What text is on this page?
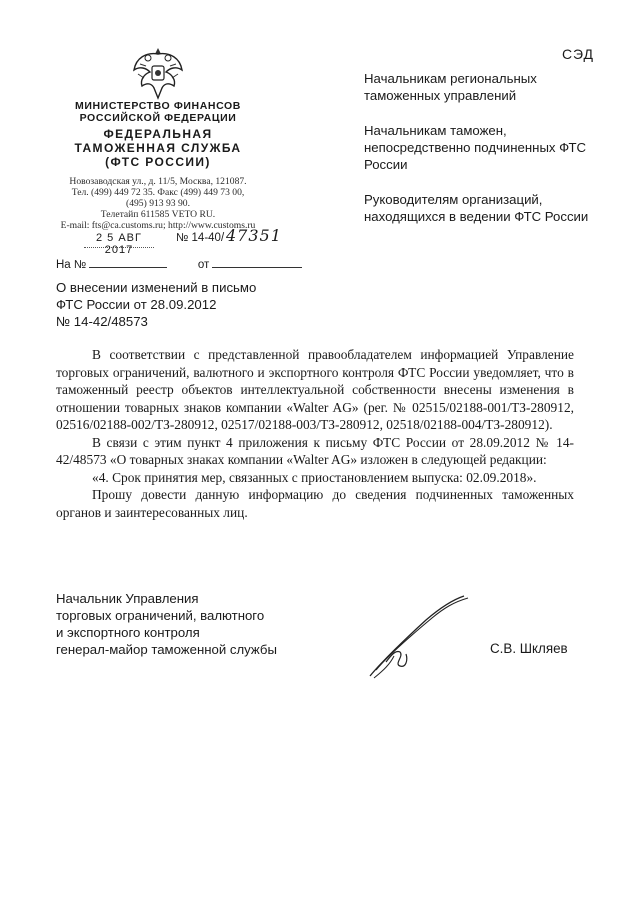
СЭД
МИНИСТЕРСТВО ФИНАНСОВ
РОССИЙСКОЙ ФЕДЕРАЦИИ
ФЕДЕРАЛЬНАЯ
ТАМОЖЕННАЯ СЛУЖБА
(ФТС РОССИИ)
Новозаводская ул., д. 11/5, Москва, 121087.
Тел. (499) 449 72 35. Факс (499) 449 73 00,
(495) 913 93 90.
Телетайп 611585 VETO RU.
E-mail: fts@ca.customs.ru; http://www.customs.ru
2 5 АВГ 2017
№ 14-40/ 47351
На №	от
Начальникам региональных таможенных управлений
Начальникам таможен, непосредственно подчиненных ФТС России
Руководителям организаций, находящихся в ведении ФТС России
О внесении изменений в письмо
ФТС России от 28.09.2012
№ 14-42/48573

В соответствии с представленной правообладателем информацией Управление торговых ограничений, валютного и экспортного контроля ФТС России уведомляет, что в таможенный реестр объектов интеллектуальной собственности внесены изменения в отношении товарных знаков компании «Walter AG» (рег. № 02515/02188-001/ТЗ-280912, 02516/02188-002/ТЗ-280912, 02517/02188-003/ТЗ-280912, 02518/02188-004/ТЗ-280912).

В связи с этим пункт 4 приложения к письму ФТС России от 28.09.2012 № 14-42/48573 «О товарных знаках компании «Walter AG» изложен в следующей редакции:

«4. Срок принятия мер, связанных с приостановлением выпуска: 02.09.2018».

Прошу довести данную информацию до сведения подчиненных таможенных органов и заинтересованных лиц.

Начальник Управления
торговых ограничений, валютного
и экспортного контроля
генерал-майор таможенной службы	С.В. Шкляев
